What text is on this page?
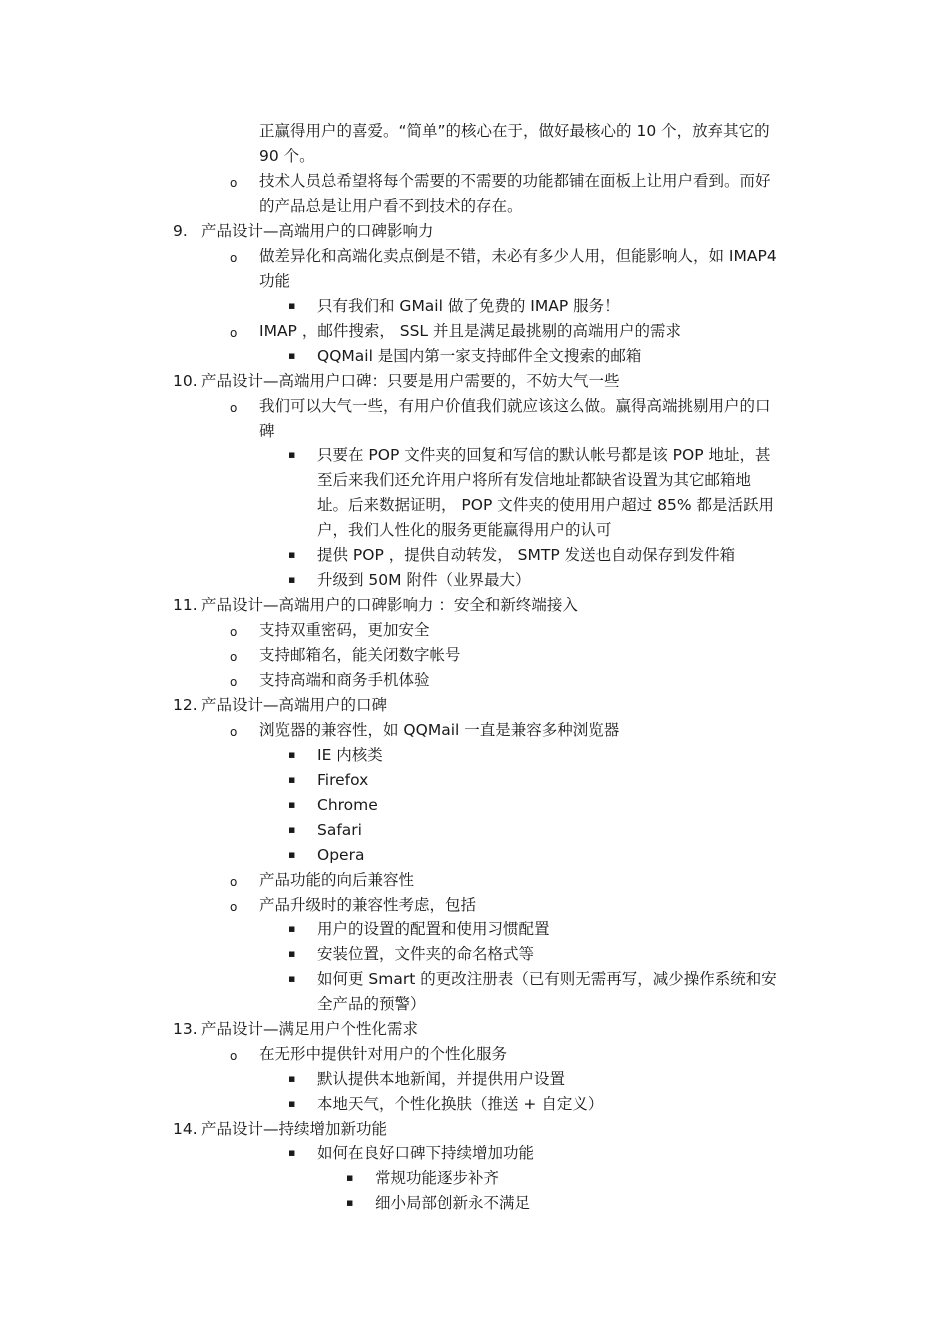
正赢得用户的喜爱。“简单”的核心在于，做好最核心的 10 个，放弃其它的
90 个。
o 技术人员总希望将每个需要的不需要的功能都铺在面板上让用户看到。而好
的产品总是让用户看不到技术的存在。
9. 产品设计—高端用户的口碑影响力
o 做差异化和高端化卖点倒是不错，未必有多少人用，但能影响人，如 IMAP4
功能
▪ 只有我们和 GMail 做了免费的 IMAP 服务！
o IMAP ，邮件搜索， SSL 并且是满足最挑剔的高端用户的需求
▪ QQMail 是国内第一家支持邮件全文搜索的邮箱
10. 产品设计—高端用户口碑：只要是用户需要的，不妨大气一些
o 我们可以大气一些，有用户价值我们就应该这么做。赢得高端挑剔用户的口
碑
▪ 只要在 POP 文件夹的回复和写信的默认帐号都是该 POP 地址，甚
至后来我们还允许用户将所有发信地址都缺省设置为其它邮箱地
址。后来数据证明， POP 文件夹的使用用户超过 85% 都是活跃用
户，我们人性化的服务更能赢得用户的认可
▪ 提供 POP ，提供自动转发， SMTP 发送也自动保存到发件箱
▪ 升级到 50M 附件（业界最大）
11. 产品设计—高端用户的口碑影响力 ：安全和新终端接入
o 支持双重密码，更加安全
o 支持邮箱名，能关闭数字帐号
o 支持高端和商务手机体验
12. 产品设计—高端用户的口碑
o 浏览器的兼容性，如 QQMail 一直是兼容多种浏览器
▪ IE 内核类
▪ Firefox
▪ Chrome
▪ Safari
▪ Opera
o 产品功能的向后兼容性
o 产品升级时的兼容性考虑，包括
▪ 用户的设置的配置和使用习惯配置
▪ 安装位置，文件夹的命名格式等
▪ 如何更 Smart 的更改注册表（已有则无需再写，减少操作系统和安
全产品的预警）
13. 产品设计—满足用户个性化需求
o 在无形中提供针对用户的个性化服务
▪ 默认提供本地新闻，并提供用户设置
▪ 本地天气，个性化换肤（推送 + 自定义）
14. 产品设计—持续增加新功能
▪ 如何在良好口碑下持续增加功能
▪ 常规功能逐步补齐
▪ 细小局部创新永不满足
